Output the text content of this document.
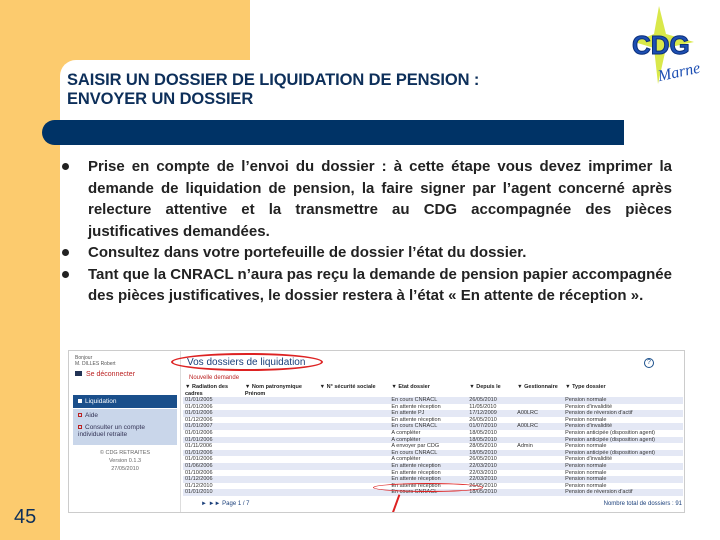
CDG
Marne
SAISIR UN DOSSIER DE LIQUIDATION DE PENSION :
ENVOYER UN DOSSIER
Prise en compte de l’envoi du dossier : à cette étape vous devez imprimer la demande de liquidation de pension, la faire signer par l’agent concerné après relecture attentive et la transmettre au CDG accompagnée des pièces justificatives demandées.
Consultez dans votre portefeuille de dossier l’état du dossier.
Tant que la CNRACL n’aura pas reçu la demande de pension papier accompagnée des pièces justificatives, le dossier restera à l’état « En attente de réception ».
Bonjour
M. DILLES Robert
Se déconnecter
Liquidation
Aide
Consulter un compte individuel retraite
© CDG RETRAITES
Version 0.1.3
27/05/2010
Vos dossiers de liquidation	?
Nouvelle demande
▼ Radiation des cadres	▼ Nom patronymique Prénom	▼ N° sécurité sociale	▼ Etat dossier	▼ Depuis le	▼ Gestionnaire	▼ Type dossier
01/01/2005			En cours CNRACL	26/05/2010		Pension normale
01/01/2006			En attente réception	11/05/2010		Pension d'invalidité
01/01/2006			En attente PJ	17/12/2009	A00LRC	Pension de réversion d'actif
01/12/2006			En attente réception	26/05/2010		Pension normale
01/01/2007			En cours CNRACL	01/07/2010	A00LRC	Pension d'invalidité
01/01/2006			A compléter	18/05/2010		Pension anticipée (disposition agent)
01/01/2006			A compléter	18/05/2010		Pension anticipée (disposition agent)
01/11/2006			A envoyer par CDG	28/05/2010	Admin	Pension normale
01/01/2006			En cours CNRACL	18/05/2010		Pension anticipée (disposition agent)
01/01/2006			A compléter	26/05/2010		Pension d'invalidité
01/06/2006			En attente réception	22/03/2010		Pension normale
01/10/2006			En attente réception	22/03/2010		Pension normale
01/12/2006			En attente réception	22/03/2010		Pension normale
01/12/2010			En attente réception	26/05/2010		Pension normale
01/01/2010			En cours CNRACL	18/05/2010		Pension de réversion d'actif
► ►► Page 1 / 7	Nombre total de dossiers : 91
45
